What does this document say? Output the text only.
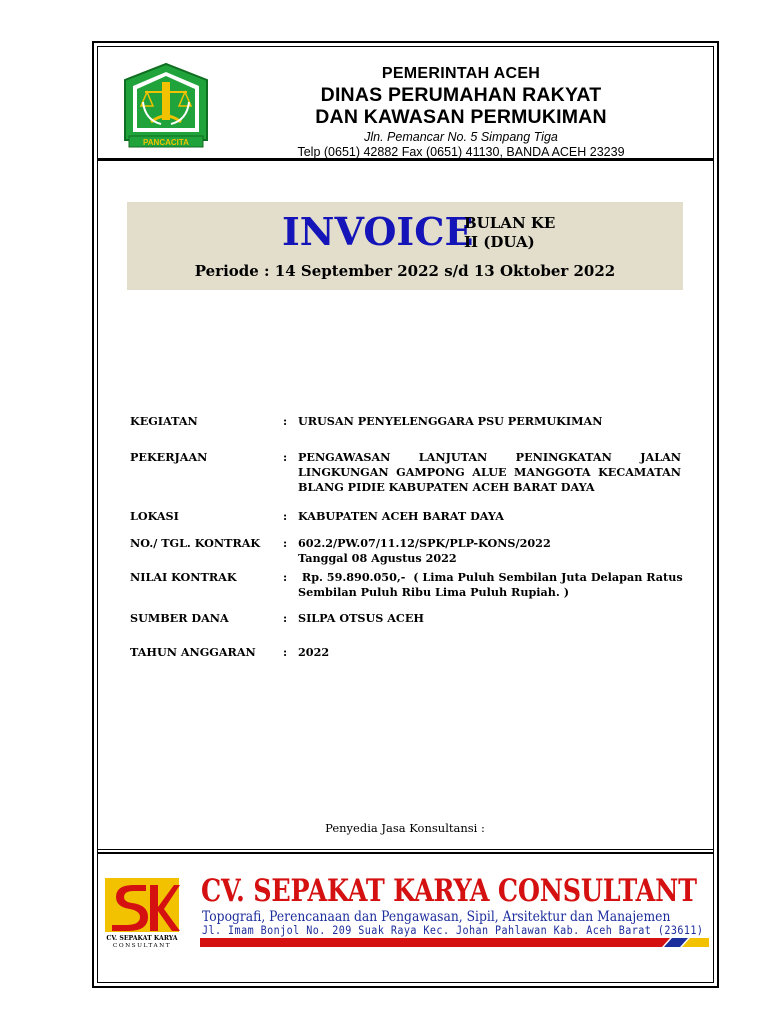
PANCACITA
PEMERINTAH ACEH
DINAS PERUMAHAN RAKYAT
DAN KAWASAN PERMUKIMAN
Jln. Pemancar No. 5 Simpang Tiga
Telp (0651) 42882 Fax (0651) 41130, BANDA ACEH 23239
INVOICE
BULAN KE
II (DUA)
Periode : 14 September 2022 s/d 13 Oktober 2022
KEGIATAN	: URUSAN PENYELENGGARA PSU PERMUKIMAN
PEKERJAAN	: PENGAWASAN LANJUTAN PENINGKATAN JALAN LINGKUNGAN GAMPONG ALUE MANGGOTA KECAMATAN BLANG PIDIE KABUPATEN ACEH BARAT DAYA
LOKASI	: KABUPATEN ACEH BARAT DAYA
NO./ TGL. KONTRAK : 602.2/PW.07/11.12/SPK/PLP-KONS/2022
Tanggal 08 Agustus 2022
NILAI KONTRAK	: Rp. 59.890.050,-  ( Lima Puluh Sembilan Juta Delapan Ratus
Sembilan Puluh Ribu Lima Puluh Rupiah. )
SUMBER DANA	: SILPA OTSUS ACEH
TAHUN ANGGARAN : 2022
Penyedia Jasa Konsultansi :
CV. SEPAKAT KARYA
CONSULTANT
CV. SEPAKAT KARYA CONSULTANT
Topografi, Perencanaan dan Pengawasan, Sipil, Arsitektur dan Manajemen
Jl. Imam Bonjol No. 209 Suak Raya Kec. Johan Pahlawan Kab. Aceh Barat (23611)
